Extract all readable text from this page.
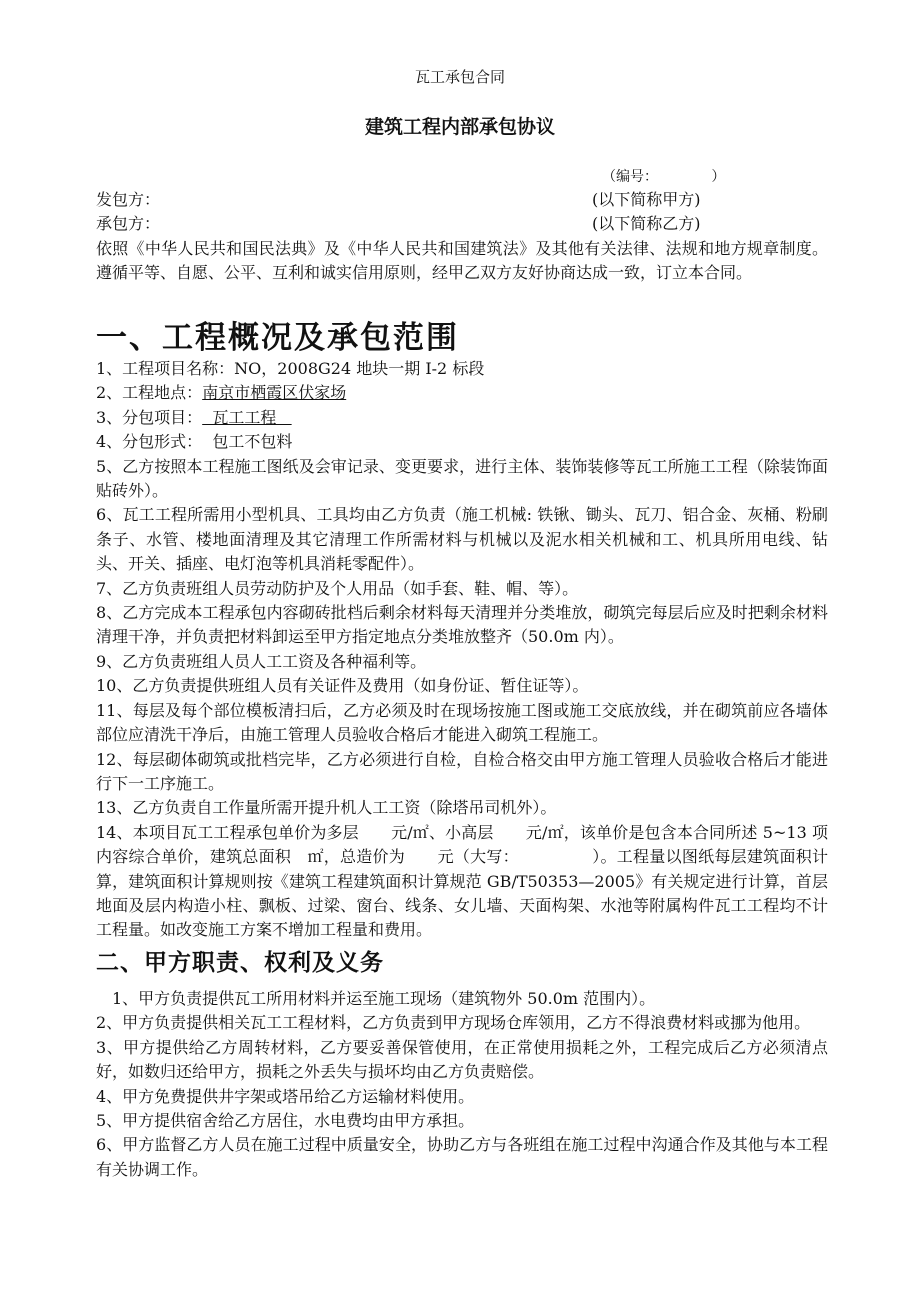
瓦工承包合同
建筑工程内部承包协议
（编号：            ）
发包方：	(以下简称甲方)
承包方：	(以下简称乙方)

依照《中华人民共和国民法典》及《中华人民共和国建筑法》及其他有关法律、法规和地方规章制度。遵循平等、自愿、公平、互利和诚实信用原则，经甲乙双方友好协商达成一致，订立本合同。

一、工程概况及承包范围

1、工程项目名称：NO，2008G24 地块一期 I-2 标段

2、工程地点：南京市栖霞区伏家场

3、分包项目：  瓦工工程

4、分包形式：  包工不包料

5、乙方按照本工程施工图纸及会审记录、变更要求，进行主体、装饰装修等瓦工所施工工程（除装饰面贴砖外）。

6、瓦工工程所需用小型机具、工具均由乙方负责（施工机械: 铁锹、锄头、瓦刀、铝合金、灰桶、粉刷条子、水管、楼地面清理及其它清理工作所需材料与机械以及泥水相关机械和工、机具所用电线、钻头、开关、插座、电灯泡等机具消耗零配件）。

7、乙方负责班组人员劳动防护及个人用品（如手套、鞋、帽、等）。

8、乙方完成本工程承包内容砌砖批档后剩余材料每天清理并分类堆放，砌筑完每层后应及时把剩余材料清理干净，并负责把材料卸运至甲方指定地点分类堆放整齐（50.0m 内）。

9、乙方负责班组人员人工工资及各种福利等。

10、乙方负责提供班组人员有关证件及费用（如身份证、暂住证等）。

11、每层及每个部位模板清扫后，乙方必须及时在现场按施工图或施工交底放线，并在砌筑前应各墙体部位应清洗干净后，由施工管理人员验收合格后才能进入砌筑工程施工。

12、每层砌体砌筑或批档完毕，乙方必须进行自检，自检合格交由甲方施工管理人员验收合格后才能进行下一工序施工。

13、乙方负责自工作量所需开提升机人工工资（除塔吊司机外）。

14、本项目瓦工工程承包单价为多层　　元/㎡、小高层　　元/㎡，该单价是包含本合同所述 5~13 项内容综合单价，建筑总面积　㎡，总造价为　　元（大写：　　　　　）。工程量以图纸每层建筑面积计算，建筑面积计算规则按《建筑工程建筑面积计算规范 GB/T50353—2005》有关规定进行计算，首层地面及层内构造小柱、飘板、过梁、窗台、线条、女儿墙、天面构架、水池等附属构件瓦工工程均不计工程量。如改变施工方案不增加工程量和费用。

二、甲方职责、权利及义务

　1、甲方负责提供瓦工所用材料并运至施工现场（建筑物外 50.0m 范围内）。

2、甲方负责提供相关瓦工工程材料，乙方负责到甲方现场仓库领用，乙方不得浪费材料或挪为他用。

3、甲方提供给乙方周转材料，乙方要妥善保管使用，在正常使用损耗之外，工程完成后乙方必须清点好，如数归还给甲方，损耗之外丢失与损坏均由乙方负责赔偿。

4、甲方免费提供井字架或塔吊给乙方运输材料使用。

5、甲方提供宿舍给乙方居住，水电费均由甲方承担。

6、甲方监督乙方人员在施工过程中质量安全，协助乙方与各班组在施工过程中沟通合作及其他与本工程有关协调工作。
